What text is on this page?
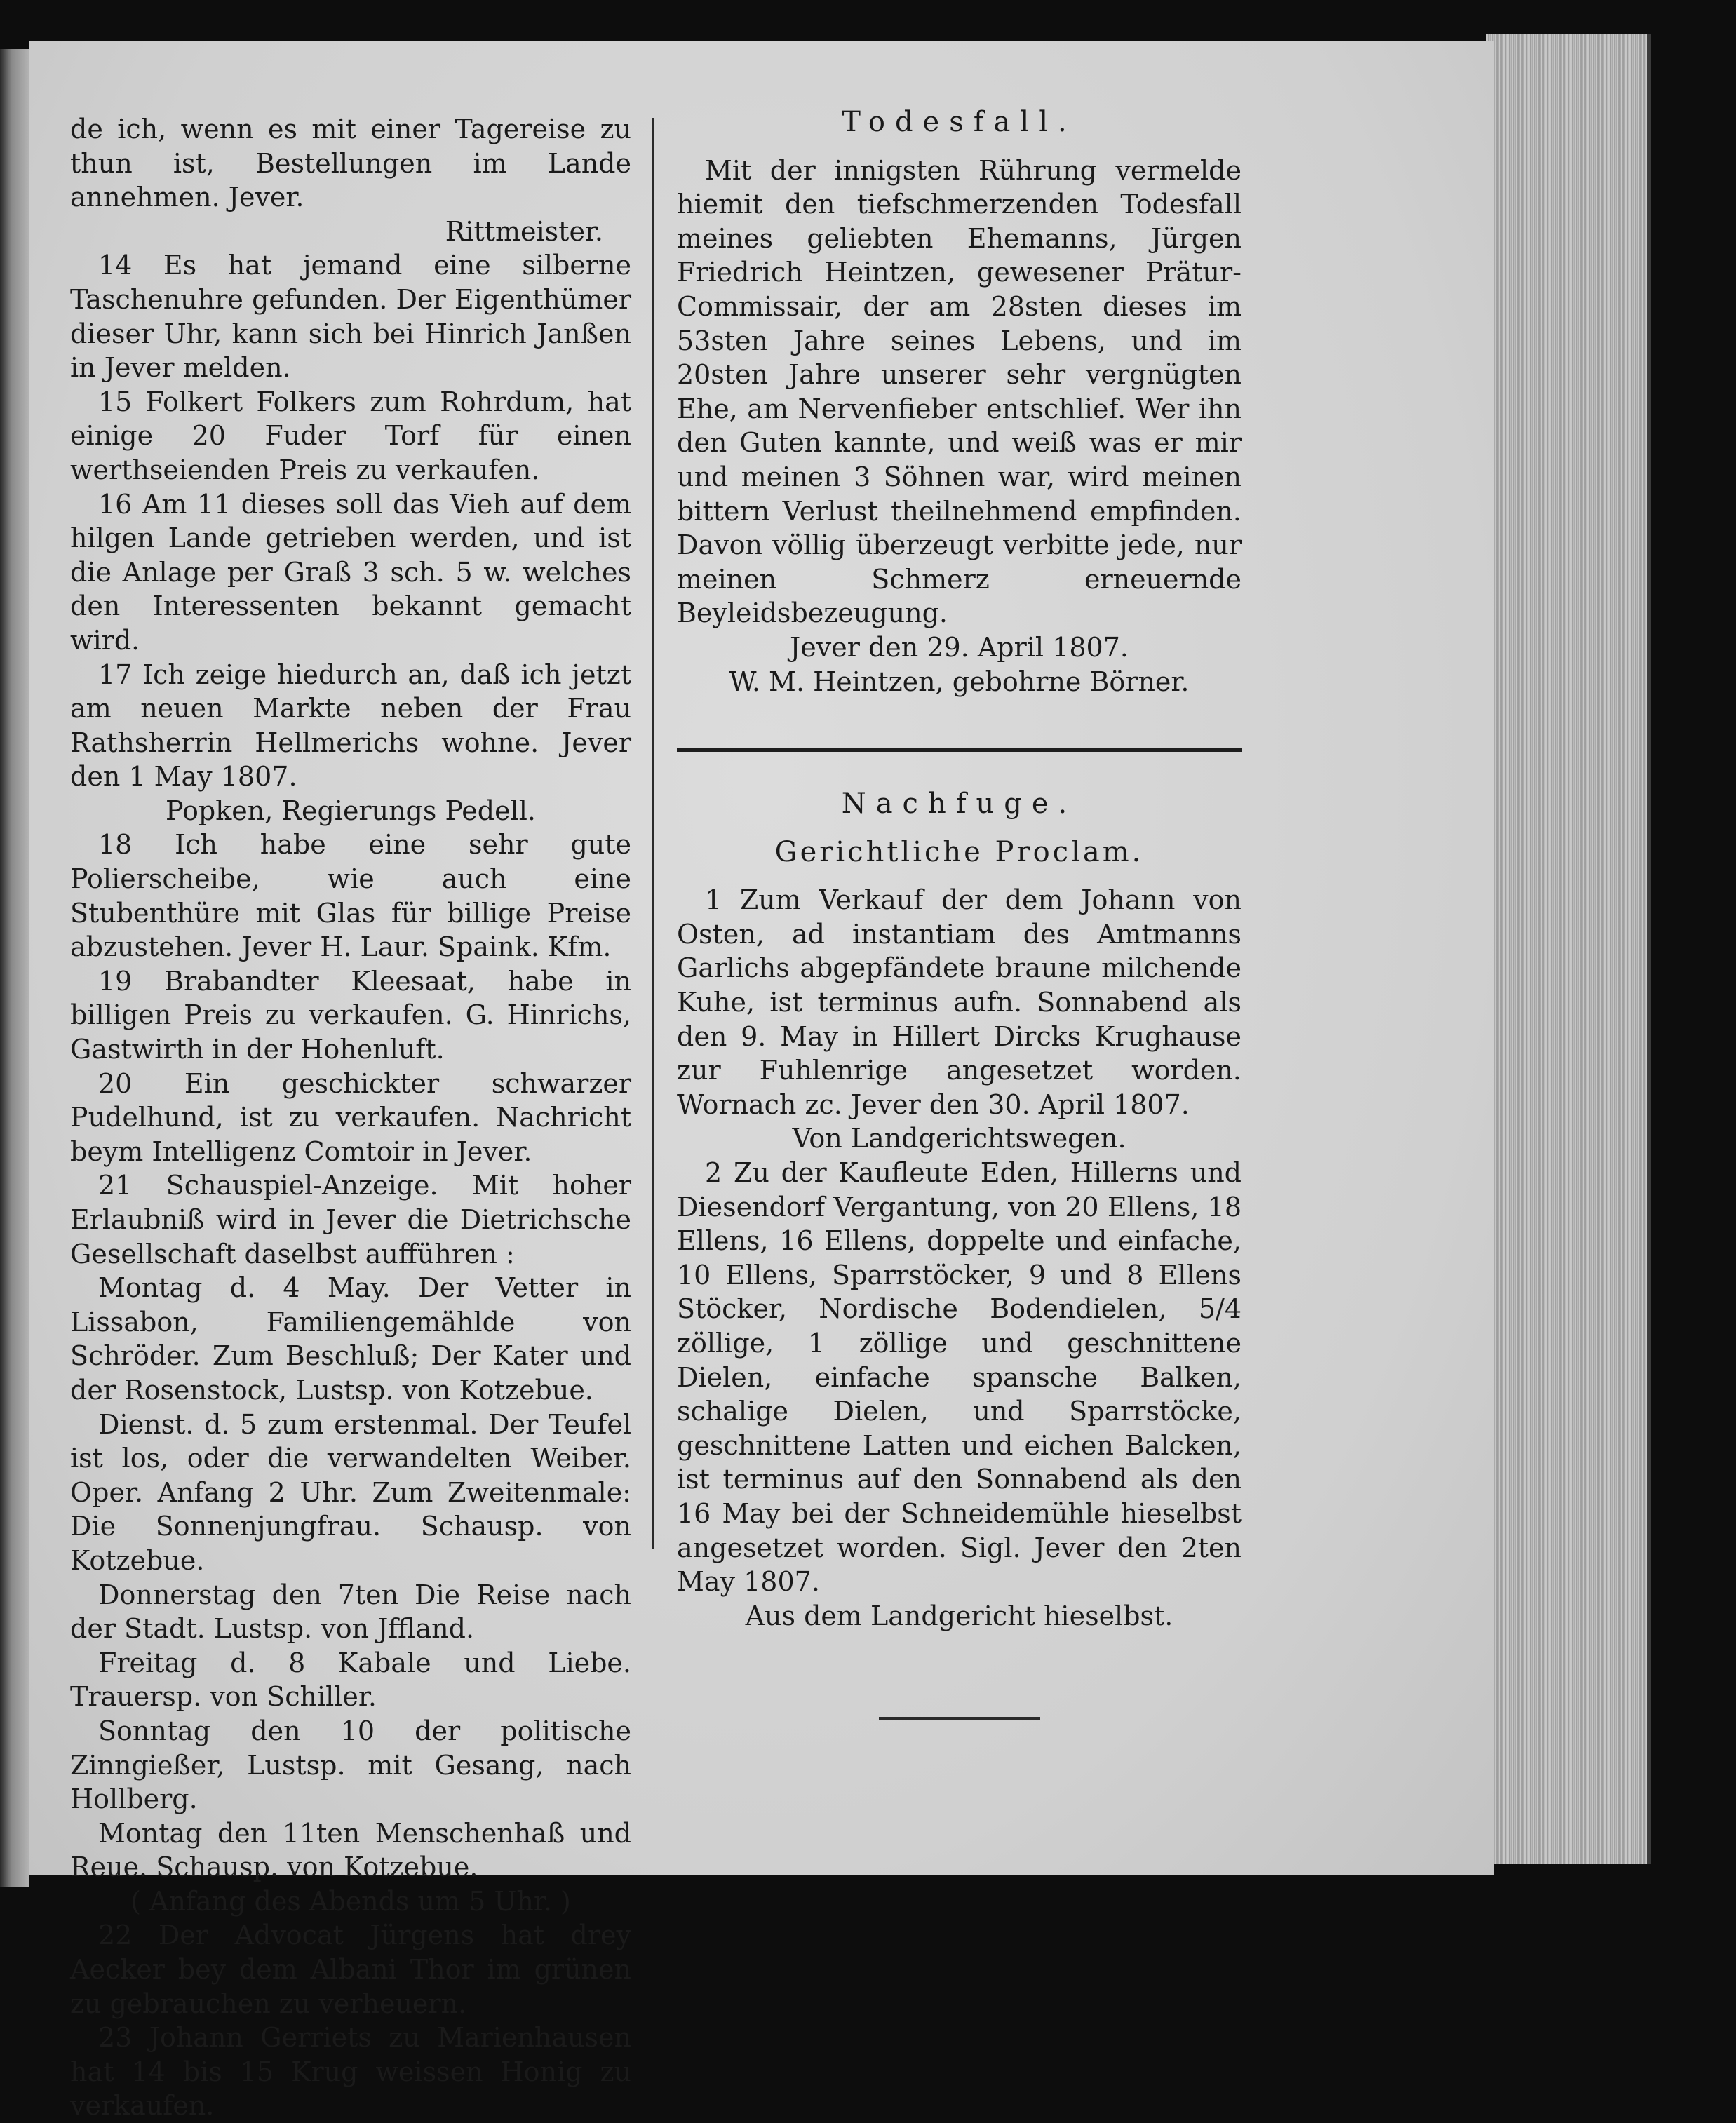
de ich, wenn es mit einer Tagereise zu thun ist, Bestellungen im Lande annehmen. Jever.

Rittmeister.

14 Es hat jemand eine silberne Taschenuhre gefunden. Der Eigenthümer dieser Uhr, kann sich bei Hinrich Janßen in Jever melden.

15 Folkert Folkers zum Rohrdum, hat einige 20 Fuder Torf für einen werthseienden Preis zu verkaufen.

16 Am 11 dieses soll das Vieh auf dem hilgen Lande getrieben werden, und ist die Anlage per Graß 3 sch. 5 w. welches den Interessenten bekannt gemacht wird.

17 Ich zeige hiedurch an, daß ich jetzt am neuen Markte neben der Frau Rathsherrin Hellmerichs wohne. Jever den 1 May 1807.

Popken, Regierungs Pedell.

18 Ich habe eine sehr gute Polierscheibe, wie auch eine Stubenthüre mit Glas für billige Preise abzustehen. Jever H. Laur. Spaink. Kfm.

19 Brabandter Kleesaat, habe in billigen Preis zu verkaufen. G. Hinrichs, Gastwirth in der Hohenluft.

20 Ein geschickter schwarzer Pudelhund, ist zu verkaufen. Nachricht beym Intelligenz Comtoir in Jever.

21 Schauspiel-Anzeige. Mit hoher Erlaubniß wird in Jever die Dietrichsche Gesellschaft daselbst aufführen :

Montag d. 4 May. Der Vetter in Lissabon, Familiengemählde von Schröder. Zum Beschluß; Der Kater und der Rosenstock, Lustsp. von Kotzebue.

Dienst. d. 5 zum erstenmal. Der Teufel ist los, oder die verwandelten Weiber. Oper. Anfang 2 Uhr. Zum Zweitenmale: Die Sonnenjungfrau. Schausp. von Kotzebue.

Donnerstag den 7ten Die Reise nach der Stadt. Lustsp. von Jffland.

Freitag d. 8 Kabale und Liebe. Trauersp. von Schiller.

Sonntag den 10 der politische Zinngießer, Lustsp. mit Gesang, nach Hollberg.

Montag den 11ten Menschenhaß und Reue. Schausp. von Kotzebue.

( Anfang des Abends um 5 Uhr. )

22 Der Advocat Jürgens hat drey Aecker bey dem Albani Thor im grünen zu gebrauchen zu verheuern.

23 Johann Gerriets zu Marienhausen hat 14 bis 15 Krug weissen Honig zu verkaufen.

Todesfall.

Mit der innigsten Rührung vermelde hiemit den tiefschmerzenden Todesfall meines geliebten Ehemanns, Jürgen Friedrich Heintzen, gewesener Prätur-Commissair, der am 28sten dieses im 53sten Jahre seines Lebens, und im 20sten Jahre unserer sehr vergnügten Ehe, am Nervenfieber entschlief. Wer ihn den Guten kannte, und weiß was er mir und meinen 3 Söhnen war, wird meinen bittern Verlust theilnehmend empfinden. Davon völlig überzeugt verbitte jede, nur meinen Schmerz erneuernde Beyleidsbezeugung.

Jever den 29. April 1807.

W. M. Heintzen, gebohrne Börner.

Nachfuge.

Gerichtliche Proclam.

1 Zum Verkauf der dem Johann von Osten, ad instantiam des Amtmanns Garlichs abgepfändete braune milchende Kuhe, ist terminus aufn. Sonnabend als den 9. May in Hillert Dircks Krughause zur Fuhlenrige angesetzet worden. Wornach zc. Jever den 30. April 1807.

Von Landgerichtswegen.

2 Zu der Kaufleute Eden, Hillerns und Diesendorf Vergantung, von 20 Ellens, 18 Ellens, 16 Ellens, doppelte und einfache, 10 Ellens, Sparrstöcker, 9 und 8 Ellens Stöcker, Nordische Bodendielen, 5/4 zöllige, 1 zöllige und geschnittene Dielen, einfache spansche Balken, schalige Dielen, und Sparrstöcke, geschnittene Latten und eichen Balcken, ist terminus auf den Sonnabend als den 16 May bei der Schneidemühle hieselbst angesetzet worden. Sigl. Jever den 2ten May 1807.

Aus dem Landgericht hieselbst.
